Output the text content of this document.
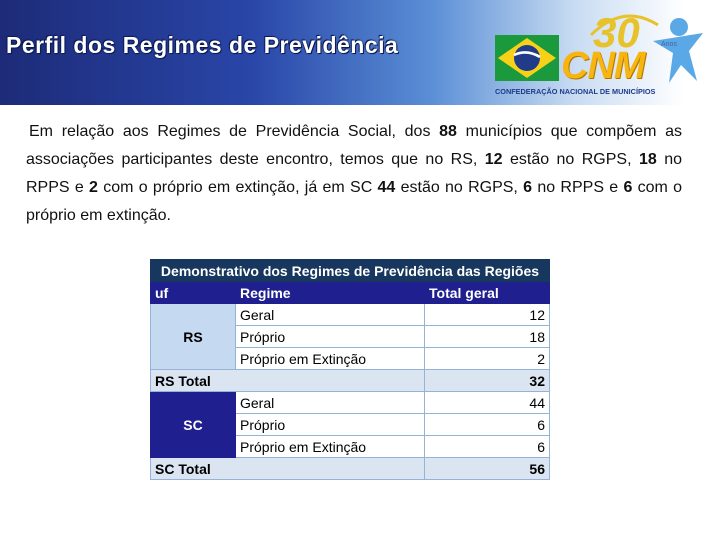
Perfil dos Regimes de Previdência	30
CNM
Anos
CONFEDERAÇÃO NACIONAL DE MUNICÍPIOS
Em relação aos Regimes de Previdência Social, dos 88 municípios que compõem as associações participantes deste encontro, temos que no RS, 12 estão no RGPS, 18 no RPPS e 2 com o próprio em extinção, já em SC 44 estão no RGPS, 6 no RPPS e 6 com o próprio em extinção.
Demonstrativo dos Regimes de Previdência das Regiões		
uf	Regime	Total geral
RS	Geral	12
	Próprio	18
	Próprio em Extinção	2
RS Total		32
SC	Geral	44
	Próprio	6
	Próprio em Extinção	6
SC Total		56
